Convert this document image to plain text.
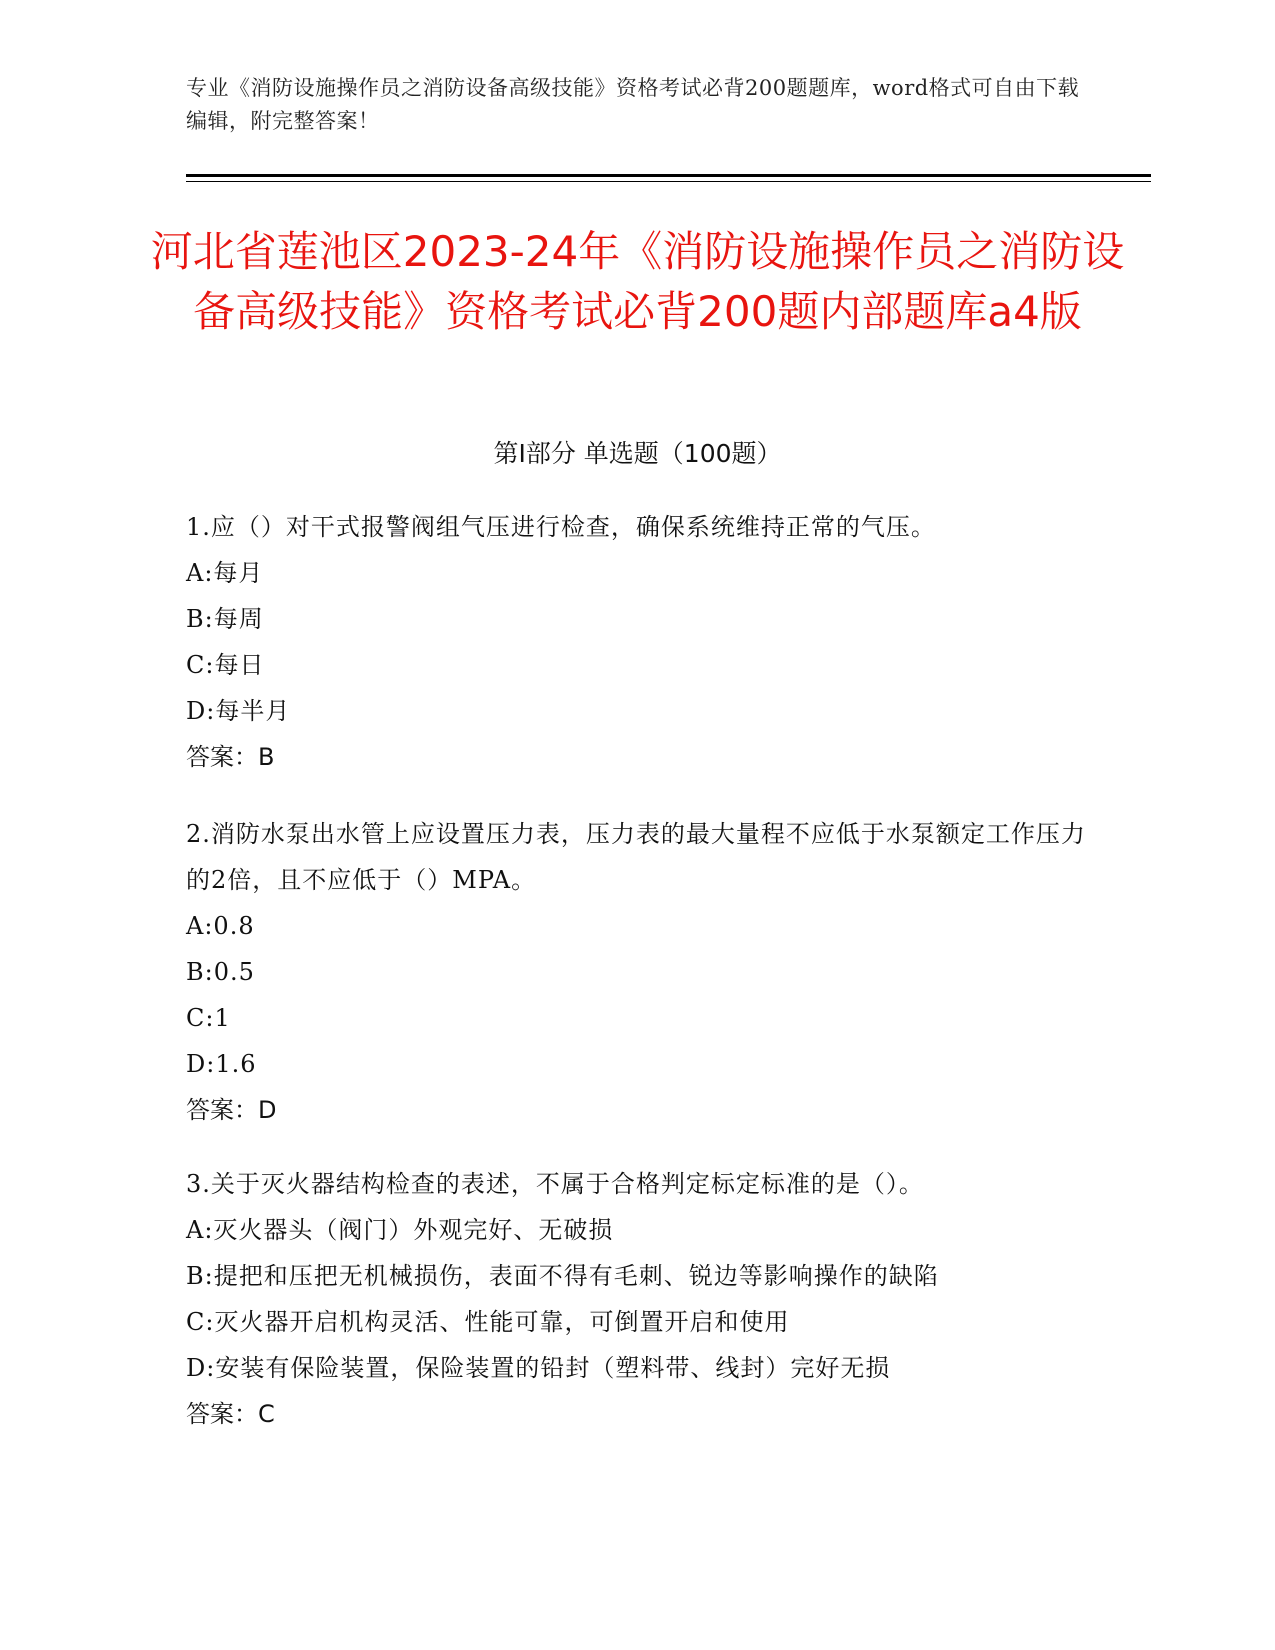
专业《消防设施操作员之消防设备高级技能》资格考试必背200题题库，word格式可自由下载编辑，附完整答案！
河北省莲池区2023-24年《消防设施操作员之消防设备高级技能》资格考试必背200题内部题库a4版
第I部分 单选题（100题）
1.应（）对干式报警阀组气压进行检查，确保系统维持正常的气压。
A:每月
B:每周
C:每日
D:每半月
答案：B
2.消防水泵出水管上应设置压力表，压力表的最大量程不应低于水泵额定工作压力的2倍，且不应低于（）MPA。
A:0.8
B:0.5
C:1
D:1.6
答案：D
3.关于灭火器结构检查的表述，不属于合格判定标定标准的是（）。
A:灭火器头（阀门）外观完好、无破损
B:提把和压把无机械损伤，表面不得有毛刺、锐边等影响操作的缺陷
C:灭火器开启机构灵活、性能可靠，可倒置开启和使用
D:安装有保险装置，保险装置的铅封（塑料带、线封）完好无损
答案：C
